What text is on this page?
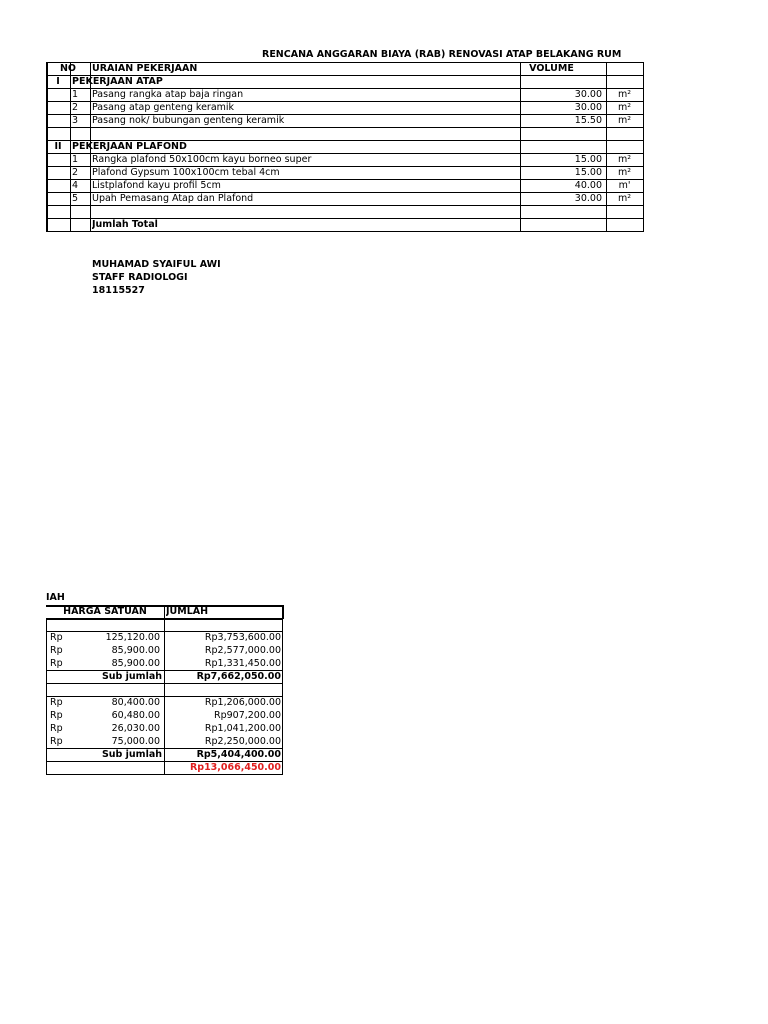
RENCANA ANGGARAN BIAYA (RAB) RENOVASI ATAP BELAKANG RUM
NO	URAIAN PEKERJAAN	VOLUME
I	PEKERJAAN ATAP
1	Pasang rangka atap baja ringan	30.00	m²
2	Pasang atap genteng keramik	30.00	m²
3	Pasang nok/ bubungan genteng keramik	15.50	m²
II	PEKERJAAN PLAFOND
1	Rangka plafond 50x100cm kayu borneo super	15.00	m²
2	Plafond Gypsum 100x100cm tebal 4cm	15.00	m²
4	Listplafond kayu profil 5cm	40.00	m'
5	Upah Pemasang Atap dan Plafond	30.00	m²
Jumlah Total
MUHAMAD SYAIFUL AWI
STAFF RADIOLOGI
18115527
IAH
HARGA SATUAN	JUMLAH
Rp	125,120.00	Rp3,753,600.00
Rp	85,900.00	Rp2,577,000.00
Rp	85,900.00	Rp1,331,450.00
Sub jumlah	Rp7,662,050.00
Rp	80,400.00	Rp1,206,000.00
Rp	60,480.00	Rp907,200.00
Rp	26,030.00	Rp1,041,200.00
Rp	75,000.00	Rp2,250,000.00
Sub jumlah	Rp5,404,400.00
Rp13,066,450.00
